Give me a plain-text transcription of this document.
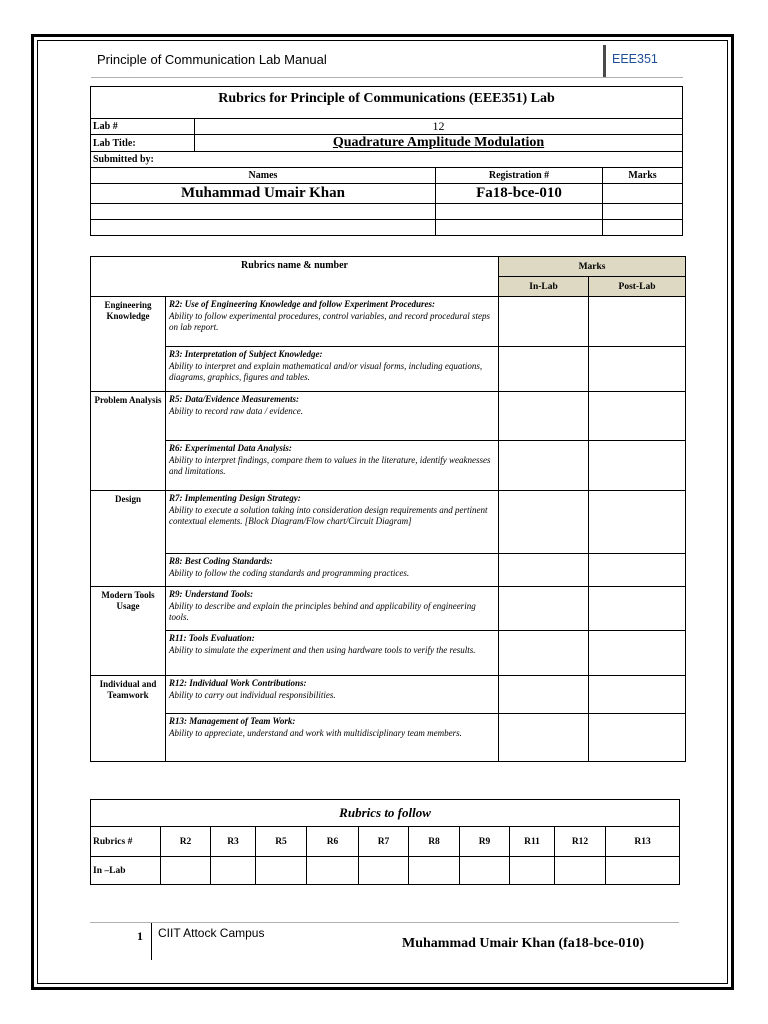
Principle of Communication Lab Manual	EEE351
Rubrics for Principle of Communications (EEE351) Lab			
Lab #	12		
Lab Title:	Quadrature Amplitude Modulation		
Submitted by:			
Names		Registration #	Marks
Muhammad Umair Khan		Fa18-bce-010	

Rubrics name & number		Marks	
		In-Lab	Post-Lab
Engineering Knowledge	R2: Use of Engineering Knowledge and follow Experiment Procedures:
Ability to follow experimental procedures, control variables, and record procedural steps on lab report.		

	R3: Interpretation of Subject Knowledge:
Ability to interpret and explain mathematical and/or visual forms, including equations, diagrams, graphics, figures and tables.		
Problem Analysis	R5: Data/Evidence Measurements:
Ability to record raw data / evidence.		

	R6: Experimental Data Analysis:
Ability to interpret findings, compare them to values in the literature, identify weaknesses and limitations.		
Design	R7: Implementing Design Strategy:
Ability to execute a solution taking into consideration design requirements and pertinent contextual elements. [Block Diagram/Flow chart/Circuit Diagram]		

	R8: Best Coding Standards:
Ability to follow the coding standards and programming practices.		
Modern Tools Usage	R9: Understand Tools:
Ability to describe and explain the principles behind and applicability of engineering tools.		

	R11: Tools Evaluation:
Ability to simulate the experiment and then using hardware tools to verify the results.		
Individual and Teamwork	R12: Individual Work Contributions:
Ability to carry out individual responsibilities.		

	R13: Management of Team Work:
Ability to appreciate, understand and work with multidisciplinary team members.		
Rubrics to follow										
Rubrics #	R2	R3	R5	R6	R7	R8	R9	R11	R12	R13
In –Lab										
1 CIIT Attock Campus
Muhammad Umair Khan (fa18-bce-010)
